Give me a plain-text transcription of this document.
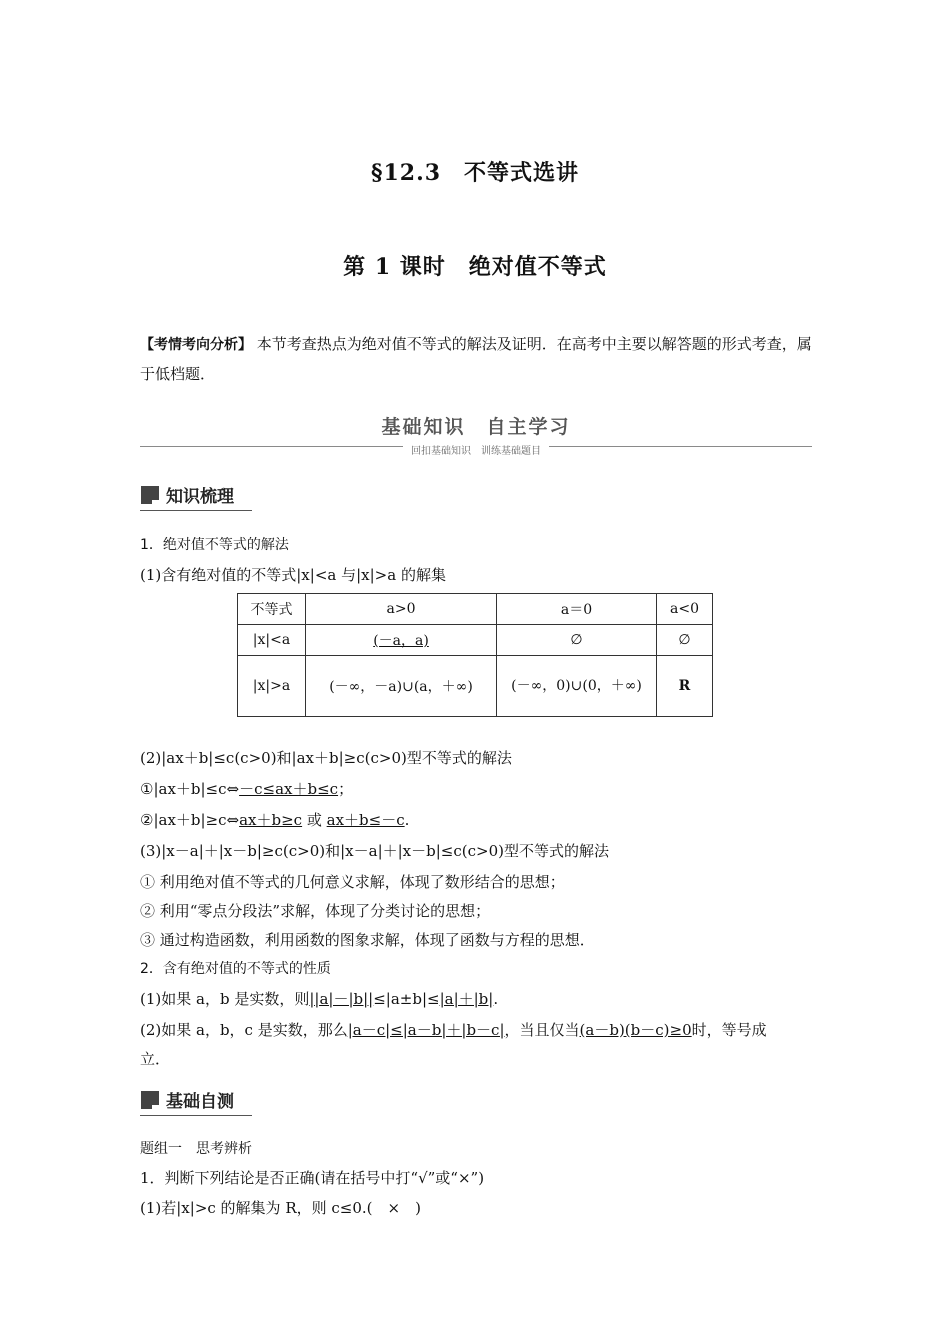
§12.3　不等式选讲
第 1 课时　绝对值不等式
【考情考向分析】 本节考查热点为绝对值不等式的解法及证明．在高考中主要以解答题的形式考查，属于低档题．
基础知识　自主学习
回扣基础知识　训练基础题目
知识梳理
1．绝对值不等式的解法
(1)含有绝对值的不等式|x|<a 与|x|>a 的解集
不等式	a>0	a＝0	a<0
|x|<a	(－a，a)	∅	∅
|x|>a	(－∞，－a)∪(a，＋∞)	(－∞，0)∪(0，＋∞)	R
(2)|ax＋b|≤c(c>0)和|ax＋b|≥c(c>0)型不等式的解法
①|ax＋b|≤c⇔－c≤ax＋b≤c；
②|ax＋b|≥c⇔ax＋b≥c 或 ax＋b≤－c.
(3)|x－a|＋|x－b|≥c(c>0)和|x－a|＋|x－b|≤c(c>0)型不等式的解法
① 利用绝对值不等式的几何意义求解，体现了数形结合的思想；
② 利用“零点分段法”求解，体现了分类讨论的思想；
③ 通过构造函数，利用函数的图象求解，体现了函数与方程的思想．
2．含有绝对值的不等式的性质
(1)如果 a，b 是实数，则||a|－|b||≤|a±b|≤|a|＋|b|.
(2)如果 a，b，c 是实数，那么|a－c|≤|a－b|＋|b－c|，当且仅当(a－b)(b－c)≥0时，等号成
立．
基础自测
题组一　思考辨析
1．判断下列结论是否正确(请在括号中打“√”或“×”)
(1)若|x|>c 的解集为 R，则 c≤0.(　×　)
